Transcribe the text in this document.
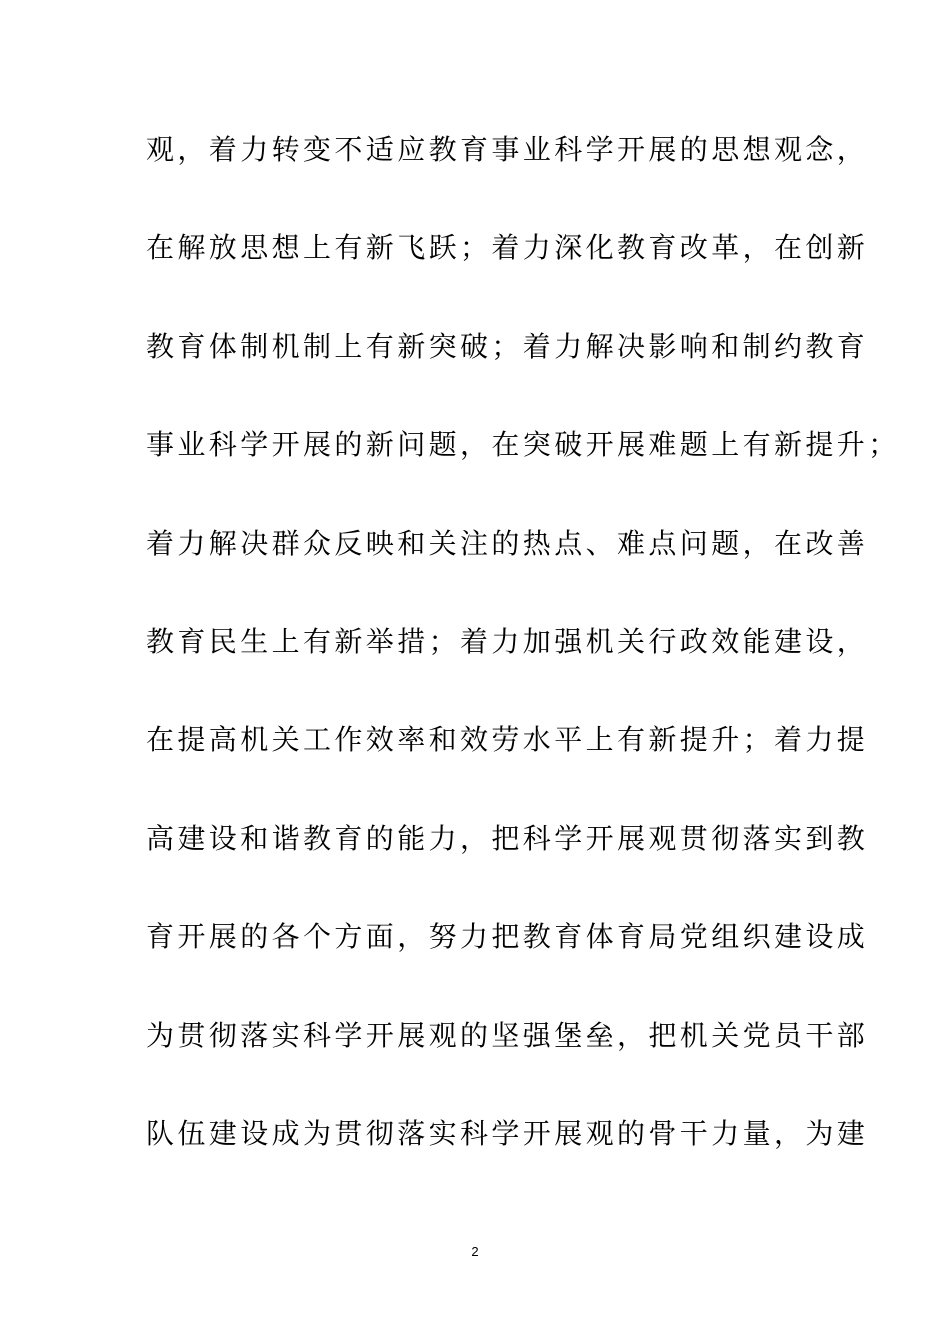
观，着力转变不适应教育事业科学开展的思想观念，
在解放思想上有新飞跃；着力深化教育改革，在创新
教育体制机制上有新突破；着力解决影响和制约教育
事业科学开展的新问题，在突破开展难题上有新提升；
着力解决群众反映和关注的热点、难点问题，在改善
教育民生上有新举措；着力加强机关行政效能建设，
在提高机关工作效率和效劳水平上有新提升；着力提
高建设和谐教育的能力，把科学开展观贯彻落实到教
育开展的各个方面，努力把教育体育局党组织建设成
为贯彻落实科学开展观的坚强堡垒，把机关党员干部
队伍建设成为贯彻落实科学开展观的骨干力量，为建
2
